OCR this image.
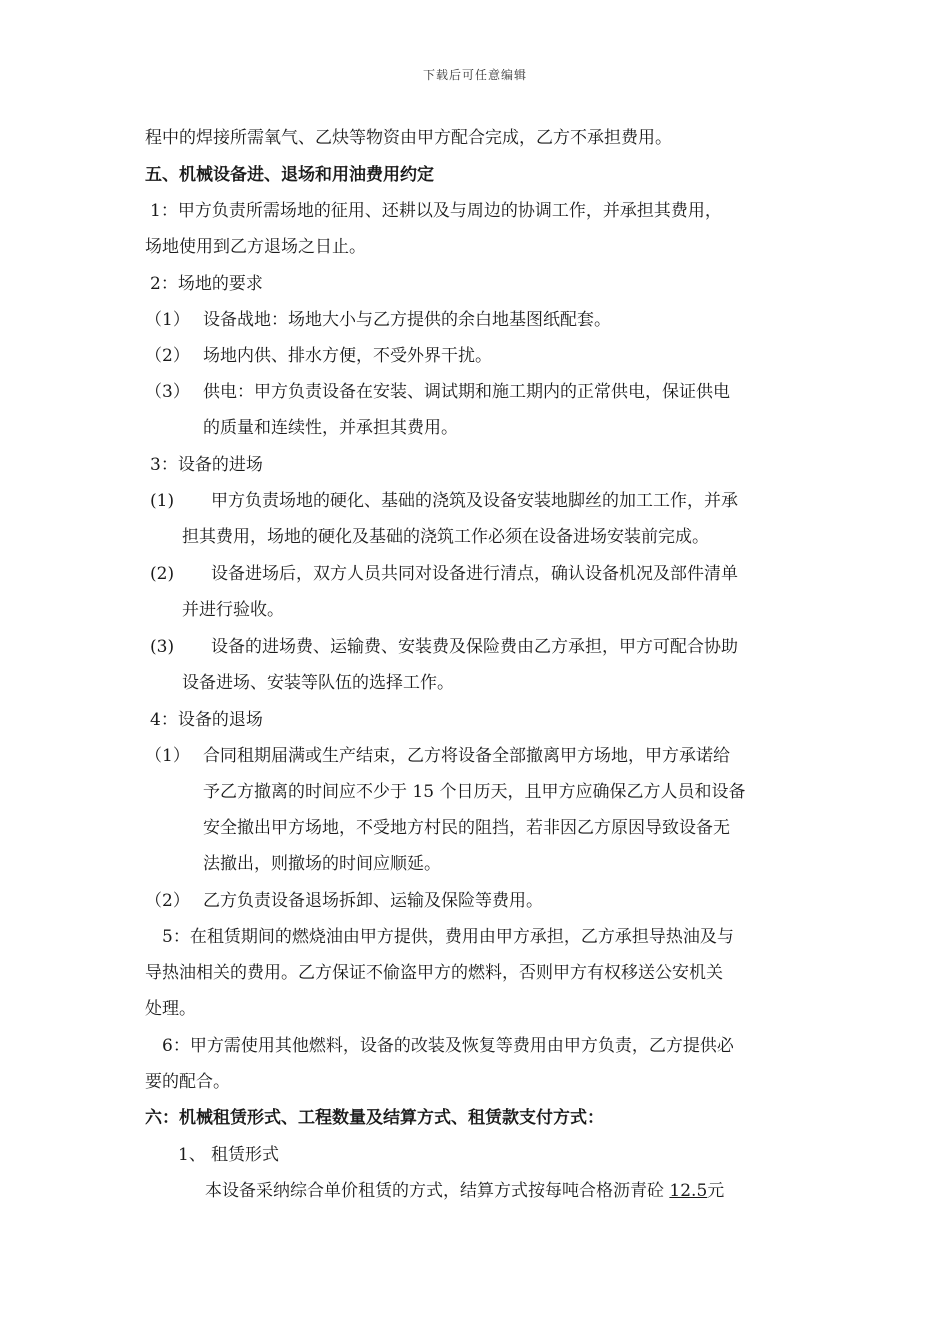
下载后可任意编辑
程中的焊接所需氧气、乙炔等物资由甲方配合完成，乙方不承担费用。
五、机械设备进、退场和用油费用约定
1：甲方负责所需场地的征用、还耕以及与周边的协调工作，并承担其费用，
场地使用到乙方退场之日止。
2：场地的要求
（1） 设备战地：场地大小与乙方提供的余白地基图纸配套。
（2） 场地内供、排水方便，不受外界干扰。
（3） 供电：甲方负责设备在安装、调试期和施工期内的正常供电，保证供电
的质量和连续性，并承担其费用。
3：设备的进场
(1) 甲方负责场地的硬化、基础的浇筑及设备安装地脚丝的加工工作，并承
担其费用，场地的硬化及基础的浇筑工作必须在设备进场安装前完成。
(2) 设备进场后，双方人员共同对设备进行清点，确认设备机况及部件清单
并进行验收。
(3) 设备的进场费、运输费、安装费及保险费由乙方承担，甲方可配合协助
设备进场、安装等队伍的选择工作。
4：设备的退场
（1） 合同租期届满或生产结束，乙方将设备全部撤离甲方场地，甲方承诺给
予乙方撤离的时间应不少于 15 个日历天，且甲方应确保乙方人员和设备
安全撤出甲方场地，不受地方村民的阻挡，若非因乙方原因导致设备无
法撤出，则撤场的时间应顺延。
（2） 乙方负责设备退场拆卸、运输及保险等费用。
5：在租赁期间的燃烧油由甲方提供，费用由甲方承担，乙方承担导热油及与
导热油相关的费用。乙方保证不偷盗甲方的燃料，否则甲方有权移送公安机关
处理。
6：甲方需使用其他燃料，设备的改装及恢复等费用由甲方负责，乙方提供必
要的配合。
六：机械租赁形式、工程数量及结算方式、租赁款支付方式：
1、 租赁形式
本设备采纳综合单价租赁的方式，结算方式按每吨合格沥青砼 12.5元
